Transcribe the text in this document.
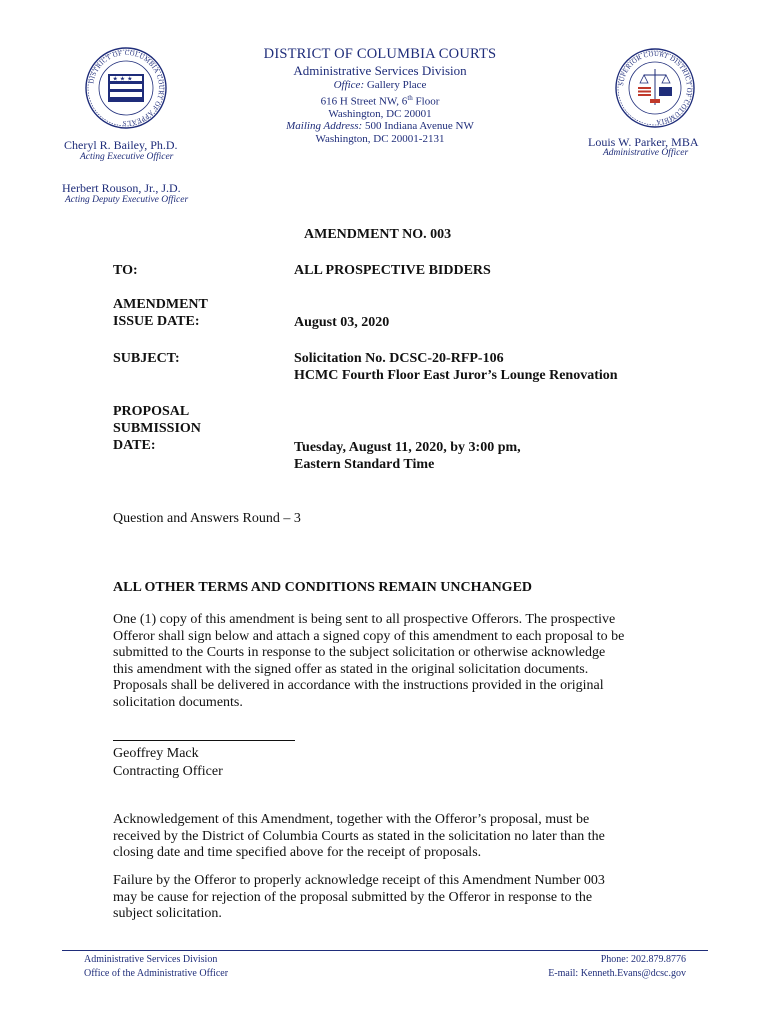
DISTRICT OF COLUMBIA COURT OF APPEALS
★ ★ ★
SUPERIOR COURT DISTRICT OF COLUMBIA
DISTRICT OF COLUMBIA COURTS
Administrative Services Division
Office: Gallery Place
616 H Street NW, 6th Floor
Washington, DC 20001
Mailing Address: 500 Indiana Avenue NW
Washington, DC 20001-2131
Cheryl R. Bailey, Ph.D.
Acting Executive Officer
Louis W. Parker, MBA
Administrative Officer
Herbert Rouson, Jr., J.D.
Acting Deputy Executive Officer
AMENDMENT NO. 003
TO:	ALL PROSPECTIVE BIDDERS
AMENDMENT
ISSUE DATE:	August 03, 2020
SUBJECT:	Solicitation No. DCSC-20-RFP-106
HCMC Fourth Floor East Juror’s Lounge Renovation
PROPOSAL
SUBMISSION
DATE:	Tuesday, August 11, 2020, by 3:00 pm,
Eastern Standard Time
Question and Answers Round – 3
ALL OTHER TERMS AND CONDITIONS REMAIN UNCHANGED
One (1) copy of this amendment is being sent to all prospective Offerors. The prospective
Offeror shall sign below and attach a signed copy of this amendment to each proposal to be
submitted to the Courts in response to the subject solicitation or otherwise acknowledge
this amendment with the signed offer as stated in the original solicitation documents.
Proposals shall be delivered in accordance with the instructions provided in the original
solicitation documents.
Geoffrey Mack
Contracting Officer
Acknowledgement of this Amendment, together with the Offeror’s proposal, must be
received by the District of Columbia Courts as stated in the solicitation no later than the
closing date and time specified above for the receipt of proposals.
Failure by the Offeror to properly acknowledge receipt of this Amendment Number 003
may be cause for rejection of the proposal submitted by the Offeror in response to the
subject solicitation.
Administrative Services Division
Office of the Administrative Officer
Phone: 202.879.8776
E-mail: Kenneth.Evans@dcsc.gov
